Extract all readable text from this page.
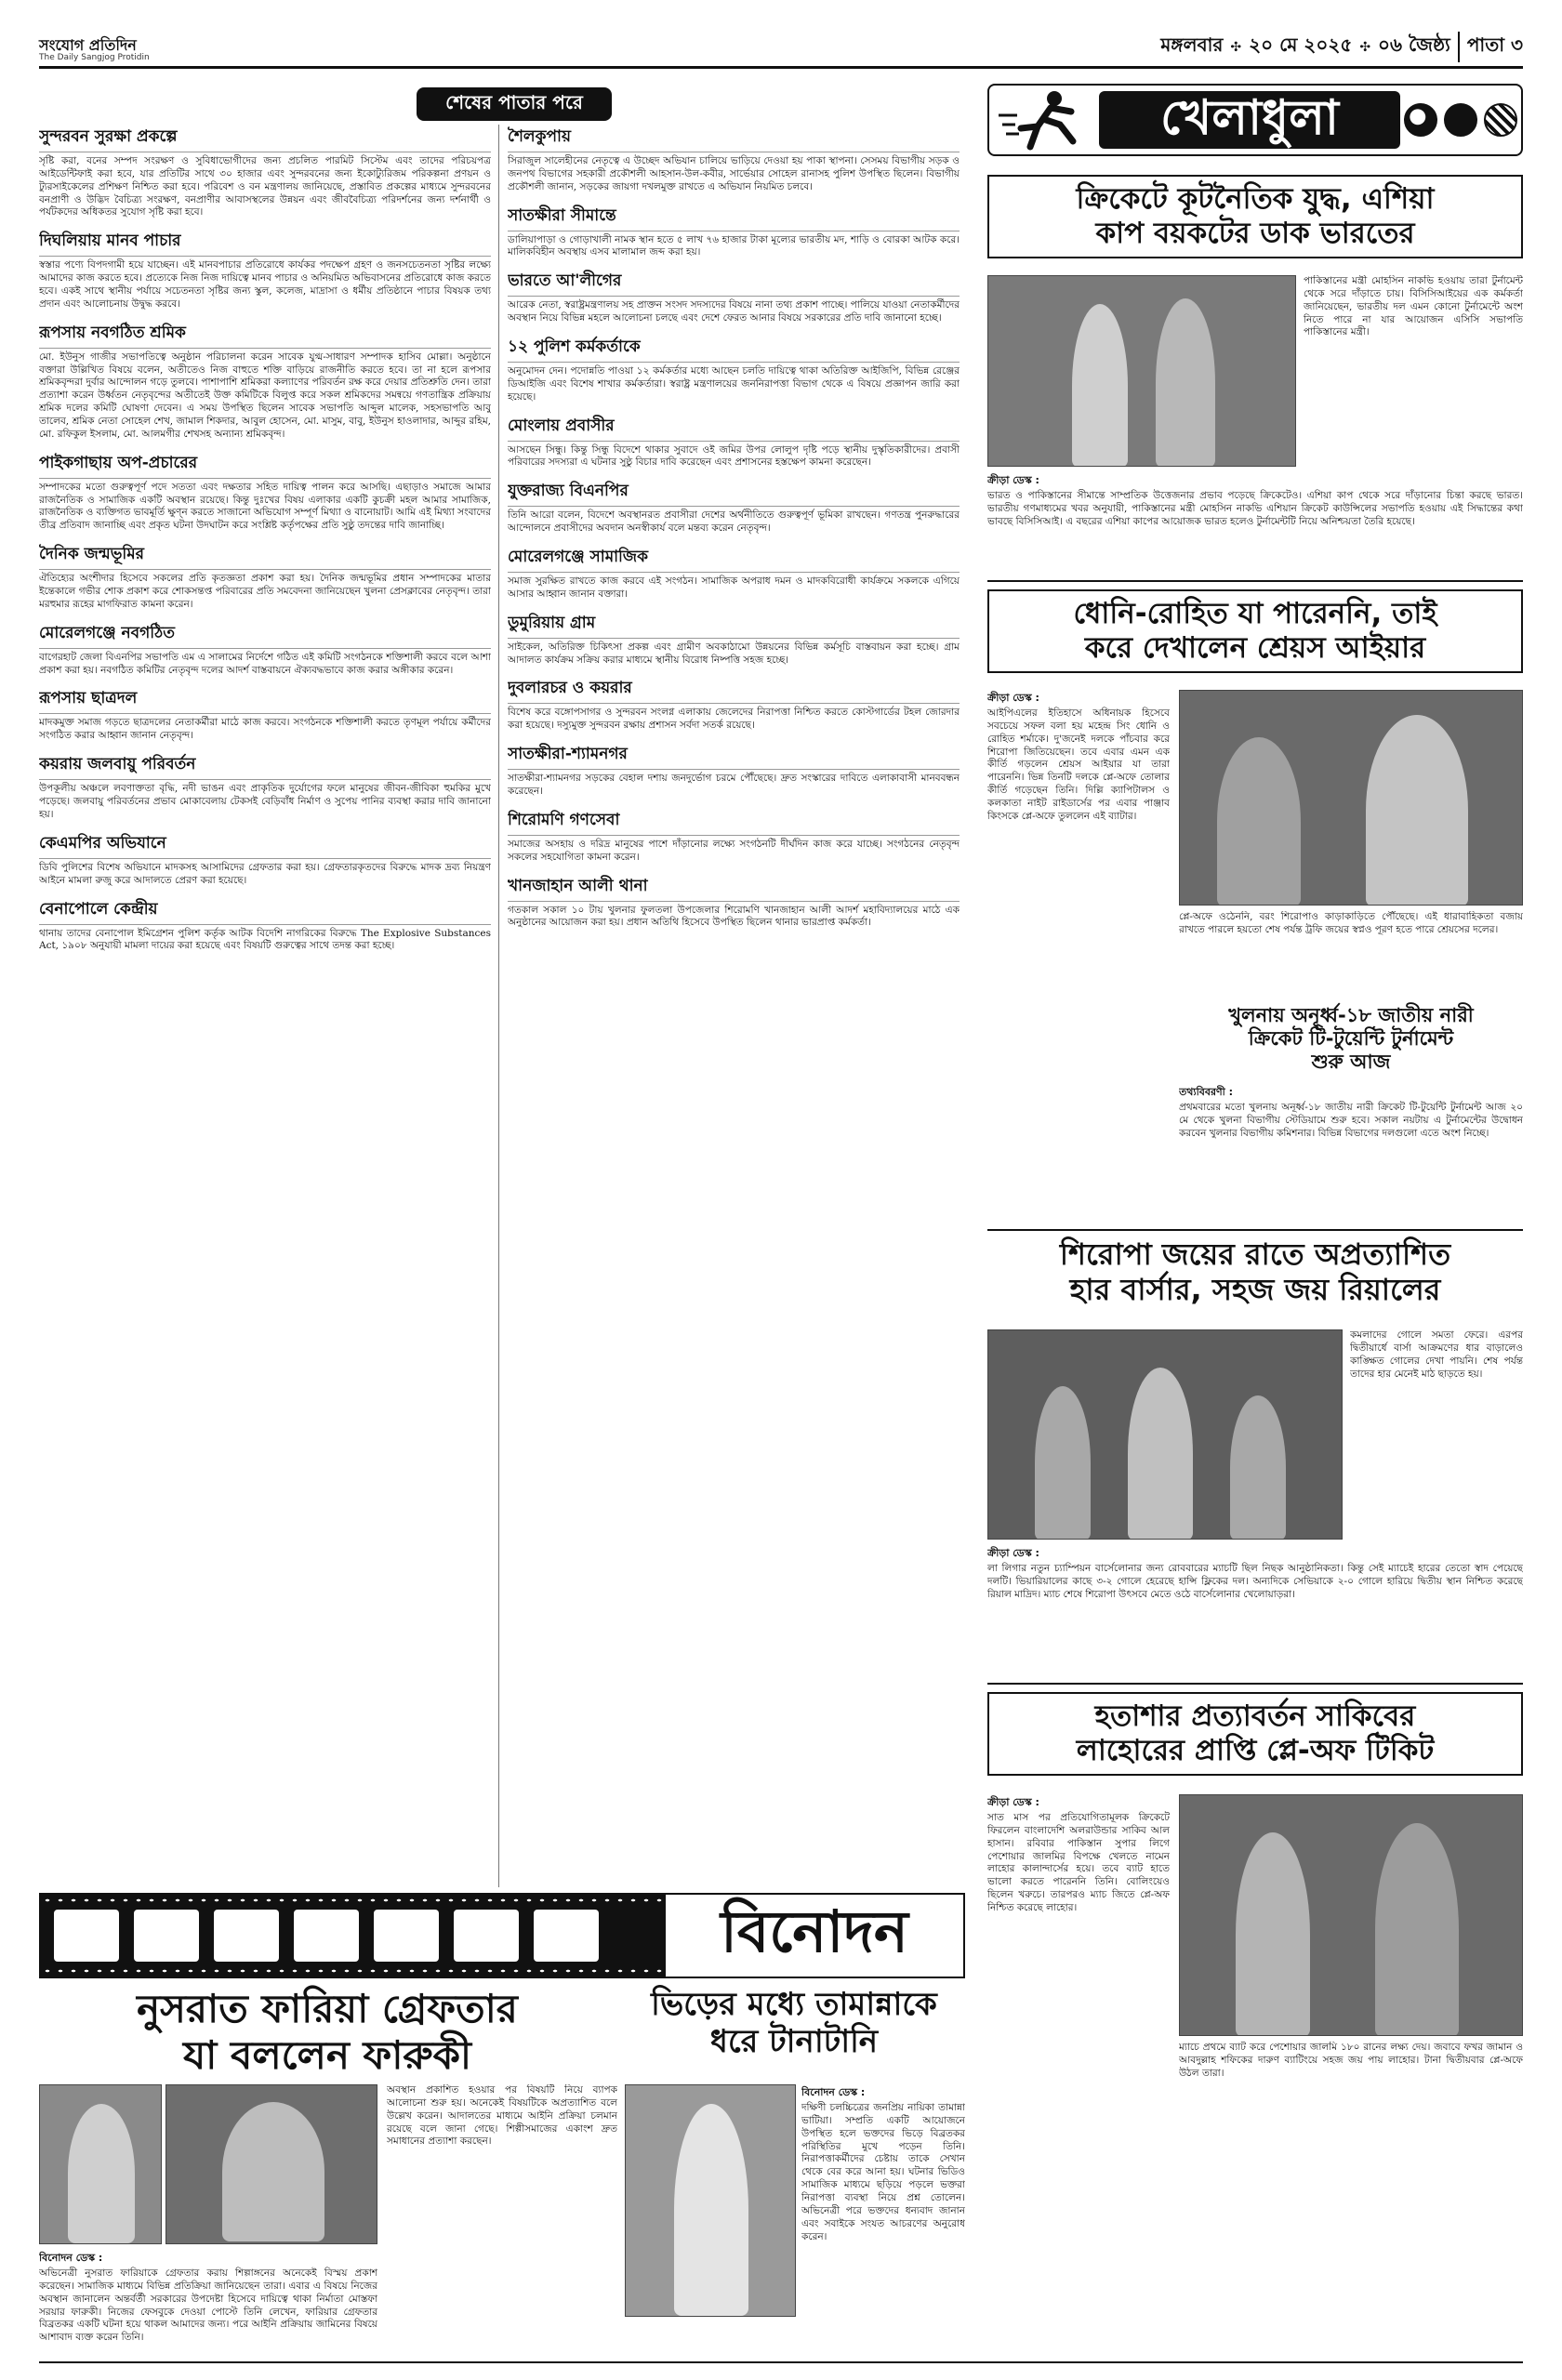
সংযোগ প্রতিদিন
The Daily Sangjog Protidin
মঙ্গলবার ✣ ২০ মে ২০২৫ ✣ ০৬ জৈষ্ঠ্য পাতা ৩
শেষের পাতার পরে
সুন্দরবন সুরক্ষা প্রকল্পে

সৃষ্টি করা, বনের সম্পদ সংরক্ষণ ও সুবিধাভোগীদের জন্য প্রচলিত পারমিট সিস্টেম এবং তাদের পরিচয়পত্র আইডেন্টিফাই করা হবে, যার প্রতিটির সাথে ৩০ হাজার এবং সুন্দরবনের জন্য ইকোট্যুরিজম পরিকল্পনা প্রণয়ন ও ট্যুরসাইকেলের প্রশিক্ষণ নিশ্চিত করা হবে। পরিবেশ ও বন মন্ত্রণালয় জানিয়েছে, প্রস্তাবিত প্রকল্পের মাধ্যমে সুন্দরবনের বনপ্রাণী ও উদ্ভিদ বৈচিত্র্য সংরক্ষণ, বনপ্রাণীর আবাসস্থলের উন্নয়ন এবং জীববৈচিত্র্য পরিদর্শনের জন্য দর্শনার্থী ও পর্যটকদের অধিকতর সুযোগ সৃষ্টি করা হবে।

দিঘলিয়ায় মানব পাচার

স্বস্তার পণ্যে বিপদগামী হয়ে যাচ্ছেন। এই মানবপাচার প্রতিরোধে কার্যকর পদক্ষেপ গ্রহণ ও জনসচেতনতা সৃষ্টির লক্ষ্যে আমাদের কাজ করতে হবে। প্রত্যেকে নিজ নিজ দায়িত্বে মানব পাচার ও অনিয়মিত অভিবাসনের প্রতিরোধে কাজ করতে হবে। একই সাথে স্থানীয় পর্যায়ে সচেতনতা সৃষ্টির জন্য স্কুল, কলেজ, মাদ্রাসা ও ধর্মীয় প্রতিষ্ঠানে পাচার বিষয়ক তথ্য প্রদান এবং আলোচনায় উদ্বুদ্ধ করবে।

রূপসায় নবগঠিত শ্রমিক

মো. ইউনুস গাজীর সভাপতিত্বে অনুষ্ঠান পরিচালনা করেন সাবেক যুগ্ম-সাধারণ সম্পাদক হাসিব মোল্লা। অনুষ্ঠানে বক্তারা উল্লিখিত বিষয়ে বলেন, অতীতেও নিজ বাহুতে শক্তি বাড়িয়ে রাজনীতি করতে হবে। তা না হলে রূপসার শ্রমিকবৃন্দরা দুর্বার আন্দোলন গড়ে তুলবে। পাশাপাশি শ্রমিকরা কল্যাণের পরিবর্তন রক্ষ করে দেয়ার প্রতিশ্রুতি দেন। তারা প্রত্যাশা করেন উর্ধ্বতন নেতৃবৃন্দের অতীতেই উক্ত কমিটিকে বিলুপ্ত করে সকল শ্রমিকদের সমন্বয়ে গণতান্ত্রিক প্রক্রিয়ায় শ্রমিক দলের কমিটি ঘোষণা দেবেন। এ সময় উপস্থিত ছিলেন সাবেক সভাপতি আব্দুল মালেক, সহসভাপতি আবু তালেব, শ্রমিক নেতা সোহেল শেখ, জামাল শিকদার, আবুল হোসেন, মো. মাসুম, বাবু, ইউনুস হাওলাদার, আব্দুর রহিম, মো. রফিকুল ইসলাম, মো. আলমগীর শেখসহ অন্যান্য শ্রমিকবৃন্দ।

পাইকগাছায় অপ-প্রচারের

সম্পাদকের মতো গুরুত্বপূর্ণ পদে সততা এবং দক্ষতার সহিত দায়িত্ব পালন করে আসছি। এছাড়াও সমাজে আমার রাজনৈতিক ও সামাজিক একটি অবস্থান রয়েছে। কিন্তু দুঃখের বিষয় এলাকার একটি কুচক্রী মহল আমার সামাজিক, রাজনৈতিক ও ব্যক্তিগত ভাবমূর্তি ক্ষুণ্ন করতে সাজানো অভিযোগ সম্পূর্ণ মিথ্যা ও বানোয়াট। আমি এই মিথ্যা সংবাদের তীব্র প্রতিবাদ জানাচ্ছি এবং প্রকৃত ঘটনা উদঘাটন করে সংশ্লিষ্ট কর্তৃপক্ষের প্রতি সুষ্ঠু তদন্তের দাবি জানাচ্ছি।

দৈনিক জন্মভূমির

ঐতিহ্যের অংশীদার হিসেবে সকলের প্রতি কৃতজ্ঞতা প্রকাশ করা হয়। দৈনিক জন্মভূমির প্রধান সম্পাদকের মাতার ইন্তেকালে গভীর শোক প্রকাশ করে শোকসন্তপ্ত পরিবারের প্রতি সমবেদনা জানিয়েছেন খুলনা প্রেসক্লাবের নেতৃবৃন্দ। তারা মরহুমার রূহের মাগফিরাত কামনা করেন।

মোরেলগঞ্জে নবগঠিত

বাগেরহাট জেলা বিএনপির সভাপতি এম এ সালামের নির্দেশে গঠিত এই কমিটি সংগঠনকে শক্তিশালী করবে বলে আশা প্রকাশ করা হয়। নবগঠিত কমিটির নেতৃবৃন্দ দলের আদর্শ বাস্তবায়নে ঐক্যবদ্ধভাবে কাজ করার অঙ্গীকার করেন।

রূপসায় ছাত্রদল

মাদকমুক্ত সমাজ গড়তে ছাত্রদলের নেতাকর্মীরা মাঠে কাজ করবে। সংগঠনকে শক্তিশালী করতে তৃণমূল পর্যায়ে কর্মীদের সংগঠিত করার আহ্বান জানান নেতৃবৃন্দ।

কয়রায় জলবায়ু পরিবর্তন

উপকূলীয় অঞ্চলে লবণাক্ততা বৃদ্ধি, নদী ভাঙন এবং প্রাকৃতিক দুর্যোগের ফলে মানুষের জীবন-জীবিকা হুমকির মুখে পড়েছে। জলবায়ু পরিবর্তনের প্রভাব মোকাবেলায় টেকসই বেড়িবাঁধ নির্মাণ ও সুপেয় পানির ব্যবস্থা করার দাবি জানানো হয়।

কেএমপির অভিযানে

ডিবি পুলিশের বিশেষ অভিযানে মাদকসহ আসামিদের গ্রেফতার করা হয়। গ্রেফতারকৃতদের বিরুদ্ধে মাদক দ্রব্য নিয়ন্ত্রণ আইনে মামলা রুজু করে আদালতে প্রেরণ করা হয়েছে।

বেনাপোলে কেন্দ্রীয়

থানায় তাদের বেনাপোল ইমিগ্রেশন পুলিশ কর্তৃক আটক বিদেশি নাগরিকের বিরুদ্ধে The Explosive Substances Act, ১৯০৮ অনুযায়ী মামলা দায়ের করা হয়েছে এবং বিষয়টি গুরুত্বের সাথে তদন্ত করা হচ্ছে।

শৈলকুপায়

সিরাজুল সালেহীনের নেতৃত্বে এ উচ্ছেদ অভিযান চালিয়ে ভাড়িয়ে দেওয়া হয় পাকা স্থাপনা। সেসময় বিভাগীয় সড়ক ও জনপথ বিভাগের সহকারী প্রকৌশলী আহসান-উল-কবীর, সার্ভেয়ার সোহেল রানাসহ পুলিশ উপস্থিত ছিলেন। বিভাগীয় প্রকৌশলী জানান, সড়কের জায়গা দখলমুক্ত রাখতে এ অভিযান নিয়মিত চলবে।

সাতক্ষীরা সীমান্তে

ডালিয়াপাড়া ও গোড়াখালী নামক স্থান হতে ৫ লাখ ৭৬ হাজার টাকা মূল্যের ভারতীয় মদ, শাড়ি ও বোরকা আটক করে। মালিকবিহীন অবস্থায় এসব মালামাল জব্দ করা হয়।

ভারতে আ'লীগের

আরেক নেতা, স্বরাষ্ট্রমন্ত্রণালয় সহ প্রাক্তন সংসদ সদস্যদের বিষয়ে নানা তথ্য প্রকাশ পাচ্ছে। পালিয়ে যাওয়া নেতাকর্মীদের অবস্থান নিয়ে বিভিন্ন মহলে আলোচনা চলছে এবং দেশে ফেরত আনার বিষয়ে সরকারের প্রতি দাবি জানানো হচ্ছে।

১২ পুলিশ কর্মকর্তাকে

অনুমোদন দেন। পদোন্নতি পাওয়া ১২ কর্মকর্তার মধ্যে আছেন চলতি দায়িত্বে থাকা অতিরিক্ত আইজিপি, বিভিন্ন রেঞ্জের ডিআইজি এবং বিশেষ শাখার কর্মকর্তারা। স্বরাষ্ট্র মন্ত্রণালয়ের জননিরাপত্তা বিভাগ থেকে এ বিষয়ে প্রজ্ঞাপন জারি করা হয়েছে।

মোংলায় প্রবাসীর

আসছেন সিন্ধু। কিন্তু সিন্ধু বিদেশে থাকার সুবাদে ওই জমির উপর লোলুপ দৃষ্টি পড়ে স্থানীয় দুস্কৃতিকারীদের। প্রবাসী পরিবারের সদস্যরা এ ঘটনার সুষ্ঠু বিচার দাবি করেছেন এবং প্রশাসনের হস্তক্ষেপ কামনা করেছেন।

যুক্তরাজ্য বিএনপির

তিনি আরো বলেন, বিদেশে অবস্থানরত প্রবাসীরা দেশের অর্থনীতিতে গুরুত্বপূর্ণ ভূমিকা রাখছেন। গণতন্ত্র পুনরুদ্ধারের আন্দোলনে প্রবাসীদের অবদান অনস্বীকার্য বলে মন্তব্য করেন নেতৃবৃন্দ।

মোরেলগঞ্জে সামাজিক

সমাজ সুরক্ষিত রাখতে কাজ করবে এই সংগঠন। সামাজিক অপরাধ দমন ও মাদকবিরোধী কার্যক্রমে সকলকে এগিয়ে আসার আহ্বান জানান বক্তারা।

ডুমুরিয়ায় গ্রাম

সাইকেল, অতিরিক্ত চিকিৎসা প্রকল্প এবং গ্রামীণ অবকাঠামো উন্নয়নের বিভিন্ন কর্মসূচি বাস্তবায়ন করা হচ্ছে। গ্রাম আদালত কার্যক্রম সক্রিয় করার মাধ্যমে স্থানীয় বিরোধ নিষ্পত্তি সহজ হচ্ছে।

দুবলারচর ও কয়রার

বিশেষ করে বঙ্গোপসাগর ও সুন্দরবন সংলগ্ন এলাকায় জেলেদের নিরাপত্তা নিশ্চিত করতে কোস্টগার্ডের টহল জোরদার করা হয়েছে। দস্যুমুক্ত সুন্দরবন রক্ষায় প্রশাসন সর্বদা সতর্ক রয়েছে।

সাতক্ষীরা-শ্যামনগর

সাতক্ষীরা-শ্যামনগর সড়কের বেহাল দশায় জনদুর্ভোগ চরমে পৌঁছেছে। দ্রুত সংস্কারের দাবিতে এলাকাবাসী মানববন্ধন করেছেন।

শিরোমণি গণসেবা

সমাজের অসহায় ও দরিদ্র মানুষের পাশে দাঁড়ানোর লক্ষ্যে সংগঠনটি দীর্ঘদিন কাজ করে যাচ্ছে। সংগঠনের নেতৃবৃন্দ সকলের সহযোগিতা কামনা করেন।

খানজাহান আলী থানা

গতকাল সকাল ১০ টায় খুলনার ফুলতলা উপজেলার শিরোমণি খানজাহান আলী আদর্শ মহাবিদ্যালয়ের মাঠে এক অনুষ্ঠানের আয়োজন করা হয়। প্রধান অতিথি হিসেবে উপস্থিত ছিলেন থানার ভারপ্রাপ্ত কর্মকর্তা।

বিনোদন
নুসরাত ফারিয়া গ্রেফতার
যা বললেন ফারুকী
ভিড়ের মধ্যে তামান্নাকে
ধরে টানাটানি
বিনোদন ডেস্ক :

অভিনেত্রী নুসরাত ফারিয়াকে গ্রেফতার করায় শিল্পাঙ্গনের অনেকেই বিস্ময় প্রকাশ করেছেন। সামাজিক মাধ্যমে বিভিন্ন প্রতিক্রিয়া জানিয়েছেন তারা। এবার এ বিষয়ে নিজের অবস্থান জানালেন অন্তর্বর্তী সরকারের উপদেষ্টা হিসেবে দায়িত্বে থাকা নির্মাতা মোস্তফা সরয়ার ফারুকী। নিজের ফেসবুকে দেওয়া পোস্টে তিনি লেখেন, ফারিয়ার গ্রেফতার বিব্রতকর একটি ঘটনা হয়ে থাকল আমাদের জন্য। পরে আইনি প্রক্রিয়ায় জামিনের বিষয়ে আশাবাদ ব্যক্ত করেন তিনি।

অবস্থান প্রকাশিত হওয়ার পর বিষয়টি নিয়ে ব্যাপক আলোচনা শুরু হয়। অনেকেই বিষয়টিকে অপ্রত্যাশিত বলে উল্লেখ করেন। আদালতের মাধ্যমে আইনি প্রক্রিয়া চলমান রয়েছে বলে জানা গেছে। শিল্পীসমাজের একাংশ দ্রুত সমাধানের প্রত্যাশা করছেন।

বিনোদন ডেস্ক :

দক্ষিণী চলচ্চিত্রের জনপ্রিয় নায়িকা তামান্না ভাটিয়া। সম্প্রতি একটি আয়োজনে উপস্থিত হলে ভক্তদের ভিড়ে বিব্রতকর পরিস্থিতির মুখে পড়েন তিনি। নিরাপত্তাকর্মীদের চেষ্টায় তাকে সেখান থেকে বের করে আনা হয়। ঘটনার ভিডিও সামাজিক মাধ্যমে ছড়িয়ে পড়লে ভক্তরা নিরাপত্তা ব্যবস্থা নিয়ে প্রশ্ন তোলেন। অভিনেত্রী পরে ভক্তদের ধন্যবাদ জানান এবং সবাইকে সংযত আচরণের অনুরোধ করেন।

খেলাধুলা
ক্রিকেটে কূটনৈতিক যুদ্ধ, এশিয়া
কাপ বয়কটের ডাক ভারতের

পাকিস্তানের মন্ত্রী মোহসিন নাকভি হওয়ায় তারা টুর্নামেন্ট থেকে সরে দাঁড়াতে চায়। বিসিসিআইয়ের এক কর্মকর্তা জানিয়েছেন, ভারতীয় দল এমন কোনো টুর্নামেন্টে অংশ নিতে পারে না যার আয়োজন এসিসি সভাপতি পাকিস্তানের মন্ত্রী।

ক্রীড়া ডেস্ক :

ভারত ও পাকিস্তানের সীমান্তে সাম্প্রতিক উত্তেজনার প্রভাব পড়েছে ক্রিকেটেও। এশিয়া কাপ থেকে সরে দাঁড়ানোর চিন্তা করছে ভারত। ভারতীয় গণমাধ্যমের খবর অনুযায়ী, পাকিস্তানের মন্ত্রী মোহসিন নাকভি এশিয়ান ক্রিকেট কাউন্সিলের সভাপতি হওয়ায় এই সিদ্ধান্তের কথা ভাবছে বিসিসিআই। এ বছরের এশিয়া কাপের আয়োজক ভারত হলেও টুর্নামেন্টটি নিয়ে অনিশ্চয়তা তৈরি হয়েছে।

ধোনি-রোহিত যা পারেননি, তাই
করে দেখালেন শ্রেয়স আইয়ার
ক্রীড়া ডেস্ক :

আইপিএলের ইতিহাসে অধিনায়ক হিসেবে সবচেয়ে সফল বলা হয় মহেন্দ্র সিং ধোনি ও রোহিত শর্মাকে। দু'জনেই দলকে পাঁচবার করে শিরোপা জিতিয়েছেন। তবে এবার এমন এক কীর্তি গড়লেন শ্রেয়স আইয়ার যা তারা পারেননি। ভিন্ন তিনটি দলকে প্লে-অফে তোলার কীর্তি গড়েছেন তিনি। দিল্লি ক্যাপিটালস ও কলকাতা নাইট রাইডার্সের পর এবার পাঞ্জাব কিংসকে প্লে-অফে তুললেন এই ব্যাটার।

প্লে-অফে ওঠেননি, বরং শিরোপাও কাড়াকাড়িতে পৌঁছেছে। এই ধারাবাহিকতা বজায় রাখতে পারলে হয়তো শেষ পর্যন্ত ট্রফি জয়ের স্বপ্নও পূরণ হতে পারে শ্রেয়সের দলের।

খুলনায় অনূর্ধ্ব-১৮ জাতীয় নারী
ক্রিকেট টি-টুয়েন্টি টুর্নামেন্ট
শুরু আজ
তথ্যবিবরণী :

প্রথমবারের মতো খুলনায় অনূর্ধ্ব-১৮ জাতীয় নারী ক্রিকেট টি-টুয়েন্টি টুর্নামেন্ট আজ ২০ মে থেকে খুলনা বিভাগীয় স্টেডিয়ামে শুরু হবে। সকাল নয়টায় এ টুর্নামেন্টের উদ্বোধন করবেন খুলনার বিভাগীয় কমিশনার। বিভিন্ন বিভাগের দলগুলো এতে অংশ নিচ্ছে।

শিরোপা জয়ের রাতে অপ্রত্যাশিত
হার বার্সার, সহজ জয় রিয়ালের

কমলাদের গোলে সমতা ফেরে। এরপর দ্বিতীয়ার্ধে বার্সা আক্রমণের ধার বাড়ালেও কাঙ্ক্ষিত গোলের দেখা পায়নি। শেষ পর্যন্ত তাদের হার মেনেই মাঠ ছাড়তে হয়।

ক্রীড়া ডেস্ক :

লা লিগার নতুন চ্যাম্পিয়ন বার্সেলোনার জন্য রোববারের ম্যাচটি ছিল নিছক আনুষ্ঠানিকতা। কিন্তু সেই ম্যাচেই হারের তেতো স্বাদ পেয়েছে দলটি। ভিয়ারিয়ালের কাছে ৩-২ গোলে হেরেছে হান্সি ফ্লিকের দল। অন্যদিকে সেভিয়াকে ২-০ গোলে হারিয়ে দ্বিতীয় স্থান নিশ্চিত করেছে রিয়াল মাদ্রিদ। ম্যাচ শেষে শিরোপা উৎসবে মেতে ওঠে বার্সেলোনার খেলোয়াড়রা।

হতাশার প্রত্যাবর্তন সাকিবের
লাহোরের প্রাপ্তি প্লে-অফ টিকিট
ক্রীড়া ডেস্ক :

সাত মাস পর প্রতিযোগিতামূলক ক্রিকেটে ফিরলেন বাংলাদেশি অলরাউন্ডার সাকিব আল হাসান। রবিবার পাকিস্তান সুপার লিগে পেশোয়ার জালমির বিপক্ষে খেলতে নামেন লাহোর কালান্দার্সের হয়ে। তবে ব্যাট হাতে ভালো করতে পারেননি তিনি। বোলিংয়েও ছিলেন খরুচে। তারপরও ম্যাচ জিতে প্লে-অফ নিশ্চিত করেছে লাহোর।

ম্যাচে প্রথমে ব্যাট করে পেশোয়ার জালমি ১৮০ রানের লক্ষ্য দেয়। জবাবে ফখর জামান ও আবদুল্লাহ শফিকের দারুণ ব্যাটিংয়ে সহজ জয় পায় লাহোর। টানা দ্বিতীয়বার প্লে-অফে উঠল তারা।
